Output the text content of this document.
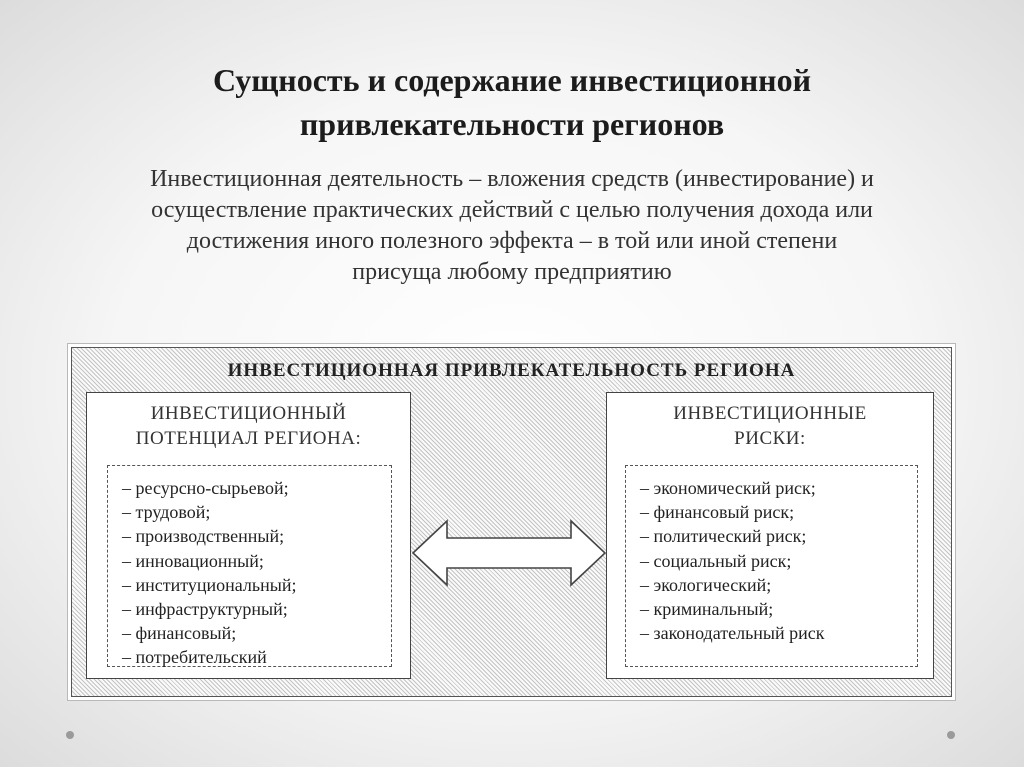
Сущность и содержание инвестиционной
привлекательности регионов
Инвестиционная деятельность – вложения средств (инвестирование) и
осуществление практических действий с целью получения дохода или
достижения иного полезного эффекта – в той или иной степени
присуща любому предприятию
ИНВЕСТИЦИОННАЯ ПРИВЛЕКАТЕЛЬНОСТЬ РЕГИОНА
ИНВЕСТИЦИОННЫЙ
ПОТЕНЦИАЛ РЕГИОНА:
– ресурсно-сырьевой;
– трудовой;
– производственный;
– инновационный;
– институциональный;
– инфраструктурный;
– финансовый;
– потребительский
ИНВЕСТИЦИОННЫЕ
РИСКИ:
– экономический риск;
– финансовый риск;
– политический риск;
– социальный риск;
– экологический;
– криминальный;
– законодательный риск
